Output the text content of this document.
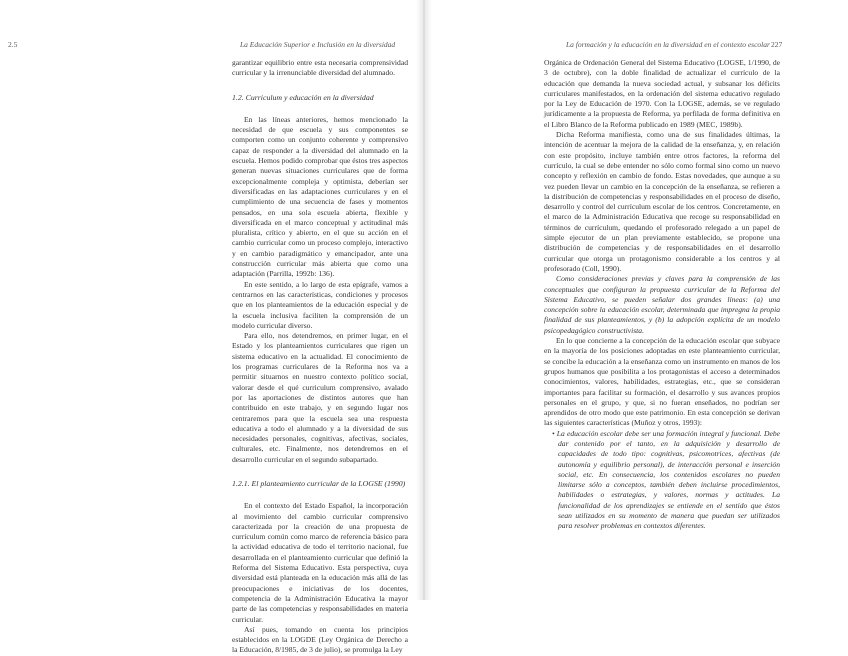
2.5	La Educación Superior e Inclusión en la diversidad

garantizar equilibrio entre esta necesaria comprensividad curricular y la irrenunciable diversidad del alumnado.

1.2. Curriculum y educación en la diversidad

En las líneas anteriores, hemos mencionado la necesidad de que escuela y sus componentes se comporten como un conjunto coherente y comprensivo capaz de responder a la diversidad del alumnado en la escuela. Hemos podido comprobar que éstos tres aspectos generan nuevas situaciones curriculares que de forma excepcionalmente compleja y optimista, deberían ser diversificadas en las adaptaciones curriculares y en el cumplimiento de una secuencia de fases y momentos pensados, en una sola escuela abierta, flexible y diversificada en el marco conceptual y actitudinal más pluralista, crítico y abierto, en el que su acción en el cambio curricular como un proceso complejo, interactivo y en cambio paradigmático y emancipador, ante una construcción curricular más abierta que como una adaptación (Parrilla, 1992b: 136).

En este sentido, a lo largo de esta epígrafe, vamos a centrarnos en las características, condiciones y procesos que en los planteamientos de la educación especial y de la escuela inclusiva faciliten la comprensión de un modelo curricular diverso.

Para ello, nos detendremos, en primer lugar, en el Estado y los planteamientos curriculares que rigen un sistema educativo en la actualidad. El conocimiento de los programas curriculares de la Reforma nos va a permitir situarnos en nuestro contexto político social, valorar desde el qué curriculum comprensivo, avalado por las aportaciones de distintos autores que han contribuido en este trabajo, y en segundo lugar nos centraremos para que la escuela sea una respuesta educativa a todo el alumnado y a la diversidad de sus necesidades personales, cognitivas, afectivas, sociales, culturales, etc. Finalmente, nos detendremos en el desarrollo curricular en el segundo subapartado.

1.2.1. El planteamiento curricular de la LOGSE (1990)

En el contexto del Estado Español, la incorporación al movimiento del cambio curricular comprensivo caracterizada por la creación de una propuesta de currículum común como marco de referencia básico para la actividad educativa de todo el territorio nacional, fue desarrollada en el planteamiento curricular que definió la Reforma del Sistema Educativo. Esta perspectiva, cuya diversidad está planteada en la educación más allá de las preocupaciones e iniciativas de los docentes, competencia de la Administración Educativa la mayor parte de las competencias y responsabilidades en materia curricular.

Así pues, tomando en cuenta los principios establecidos en la LOGDE (Ley Orgánica de Derecho a la Educación, 8/1985, de 3 de julio), se promulga la Ley

La formación y la educación en la diversidad en el contexto escolar 227

Orgánica de Ordenación General del Sistema Educativo (LOGSE, 1/1990, de 3 de octubre), con la doble finalidad de actualizar el currículo de la educación que demanda la nueva sociedad actual, y subsanar los déficits curriculares manifestados, en la ordenación del sistema educativo regulado por la Ley de Educación de 1970. Con la LOGSE, además, se ve regulado jurídicamente a la propuesta de Reforma, ya perfilada de forma definitiva en el Libro Blanco de la Reforma publicado en 1989 (MEC, 1989b).

Dicha Reforma manifiesta, como una de sus finalidades últimas, la intención de acentuar la mejora de la calidad de la enseñanza, y, en relación con este propósito, incluye también entre otros factores, la reforma del currículo, la cual se debe entender no sólo como formal sino como un nuevo concepto y reflexión en cambio de fondo. Estas novedades, que aunque a su vez pueden llevar un cambio en la concepción de la enseñanza, se refieren a la distribución de competencias y responsabilidades en el proceso de diseño, desarrollo y control del currículum escolar de los centros. Concretamente, en el marco de la Administración Educativa que recoge su responsabilidad en términos de currículum, quedando el profesorado relegado a un papel de simple ejecutor de un plan previamente establecido, se propone una distribución de competencias y de responsabilidades en el desarrollo curricular que otorga un protagonismo considerable a los centros y al profesorado (Coll, 1990).

Como consideraciones previas y claves para la comprensión de las conceptuales que configuran la propuesta curricular de la Reforma del Sistema Educativo, se pueden señalar dos grandes líneas: (a) una concepción sobre la educación escolar, determinada que impregna la propia finalidad de sus planteamientos, y (b) la adopción explícita de un modelo psicopedagógico constructivista.

En lo que concierne a la concepción de la educación escolar que subyace en la mayoría de los posiciones adoptadas en este planteamiento curricular, se concibe la educación a la enseñanza como un instrumento en manos de los grupos humanos que posibilita a los protagonistas el acceso a determinados conocimientos, valores, habilidades, estrategias, etc., que se consideran importantes para facilitar su formación, el desarrollo y sus avances propios personales en el grupo, y que, si no fueran enseñados, no podrían ser aprendidos de otro modo que este patrimonio. En esta concepción se derivan las siguientes características (Muñoz y otros, 1993):

• La educación escolar debe ser una formación integral y funcional. Debe dar contenido por el tanto, en la adquisición y desarrollo de capacidades de todo tipo: cognitivas, psicomotrices, afectivas (de autonomía y equilibrio personal), de interacción personal e inserción social, etc. En consecuencia, los contenidos escolares no pueden limitarse sólo a conceptos, también deben incluirse procedimientos, habilidades o estrategias, y valores, normas y actitudes. La funcionalidad de los aprendizajes se entiende en el sentido que éstos sean utilizados en su momento de manera que puedan ser utilizados para resolver problemas en contextos diferentes.
